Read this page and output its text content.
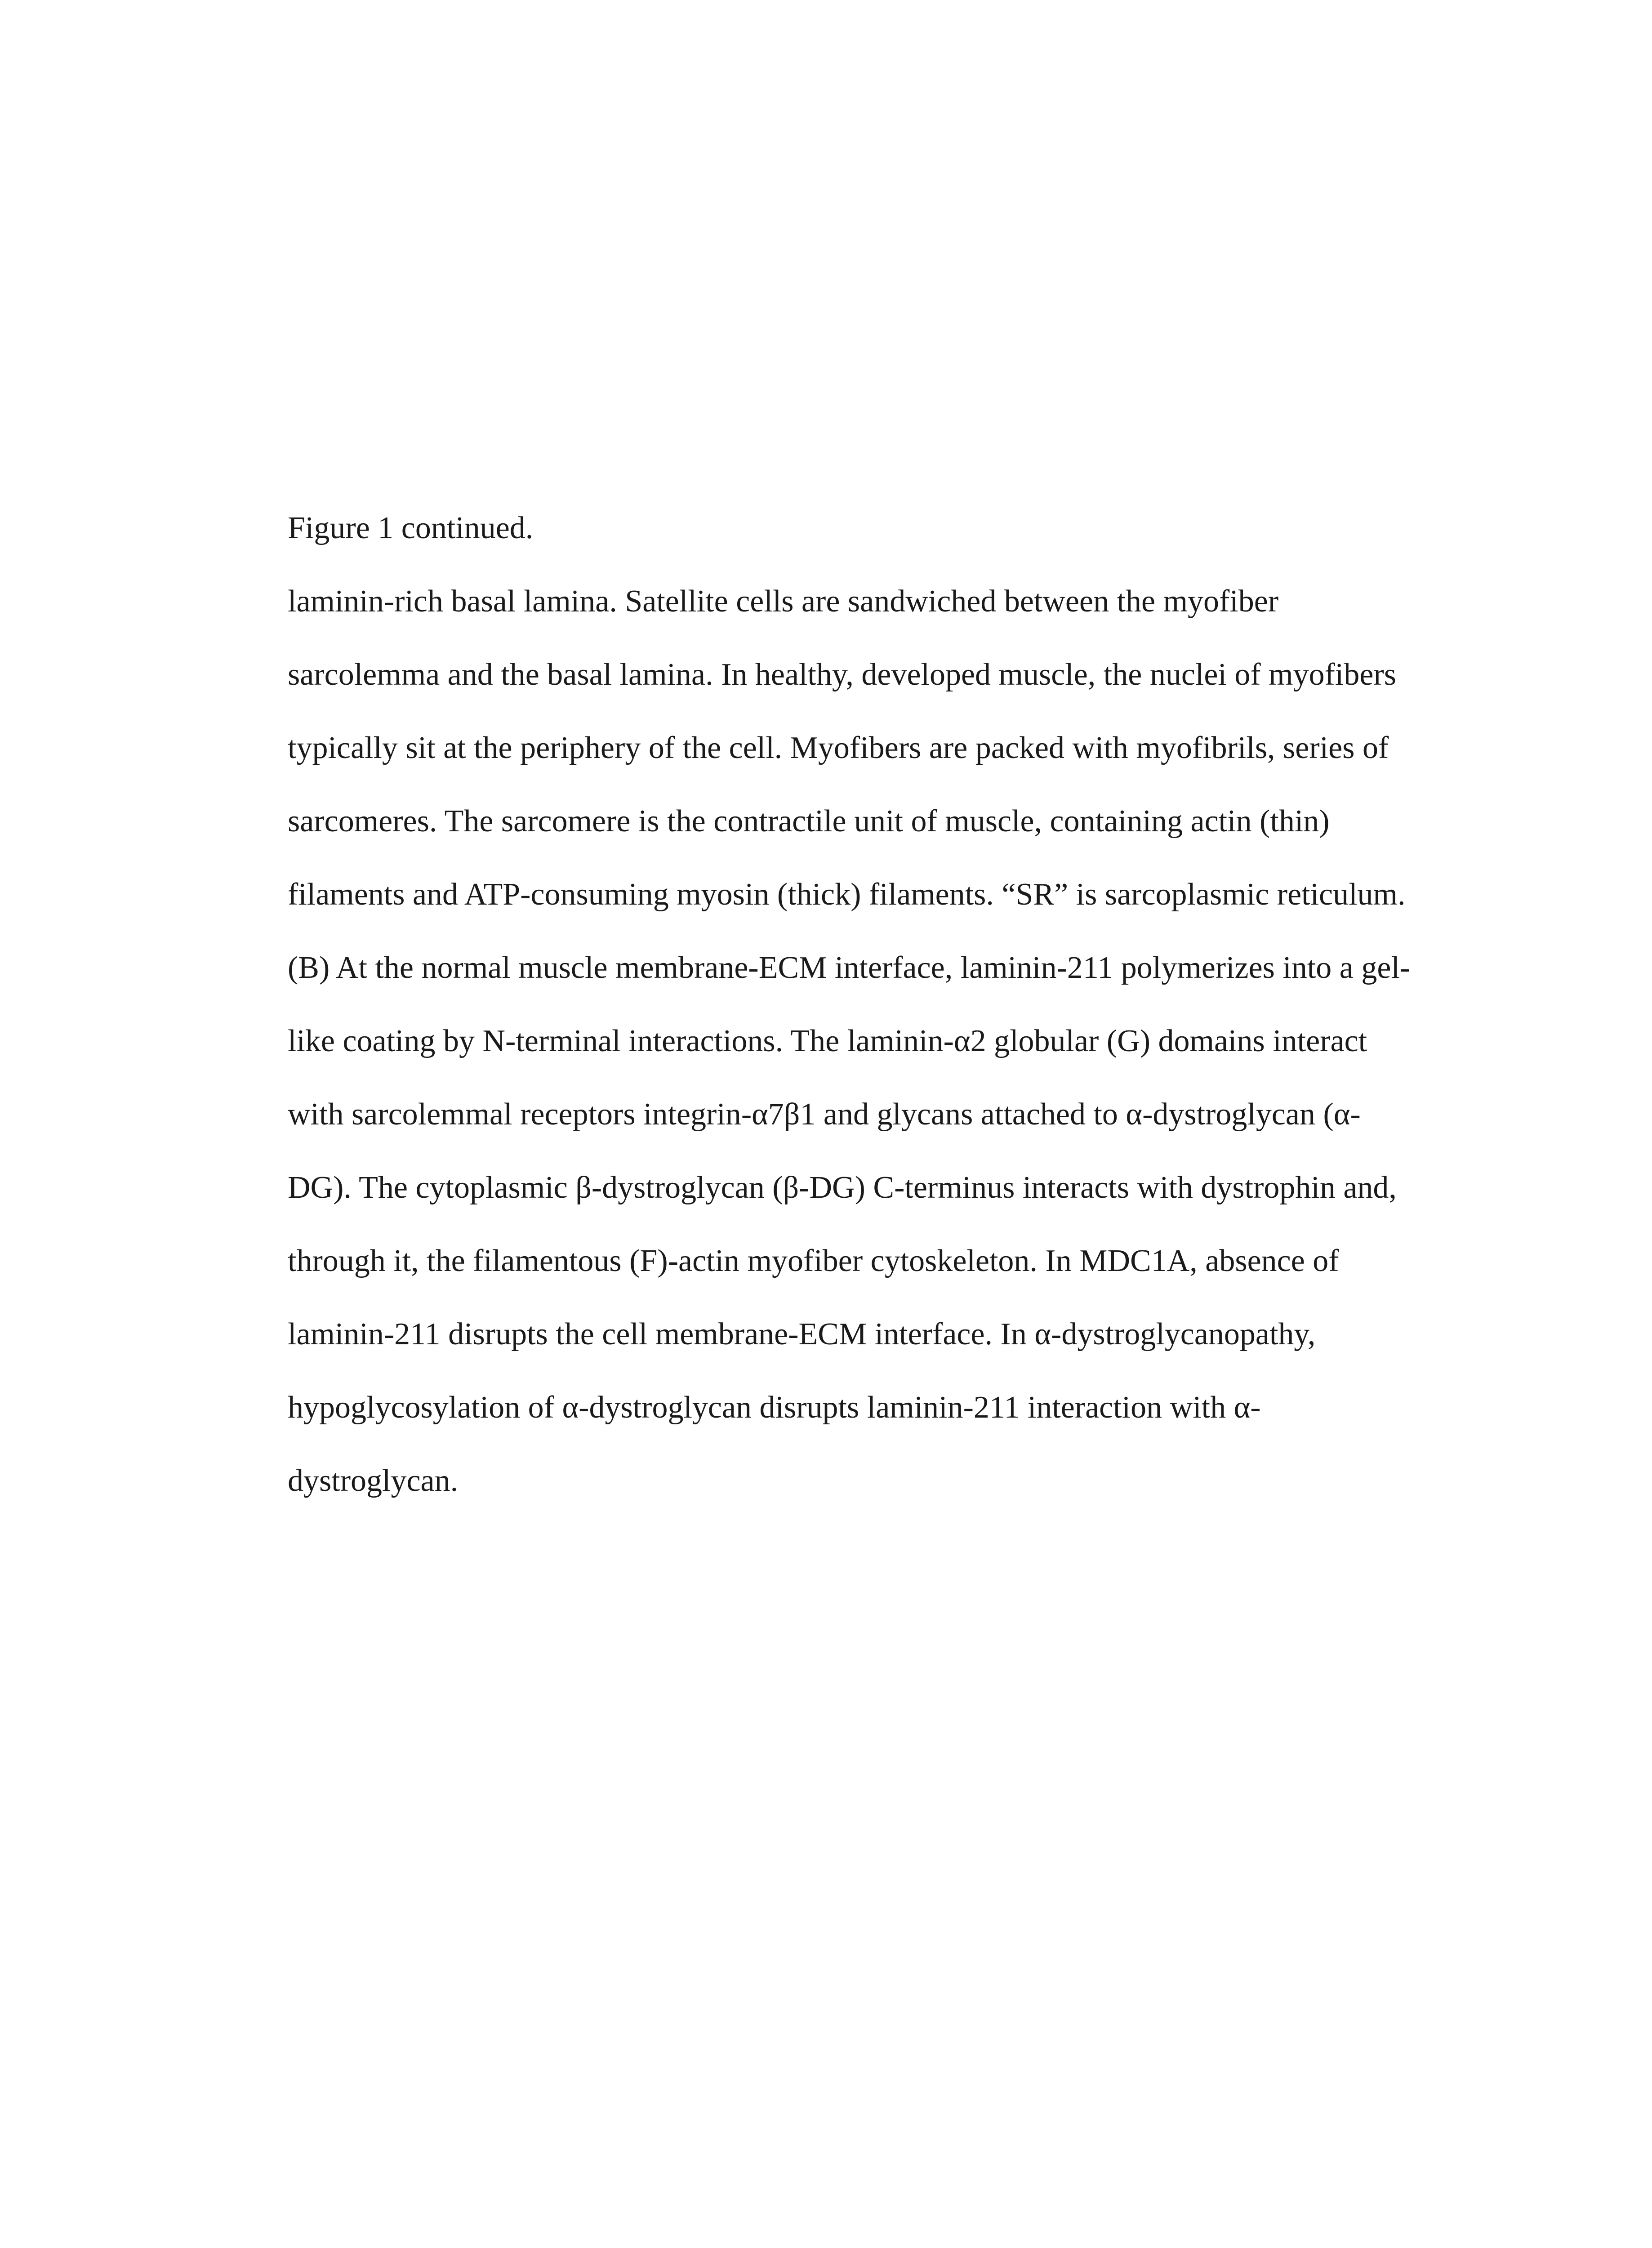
Figure 1 continued.

laminin-rich basal lamina. Satellite cells are sandwiched between the myofiber

sarcolemma and the basal lamina. In healthy, developed muscle, the nuclei of myofibers

typically sit at the periphery of the cell. Myofibers are packed with myofibrils, series of

sarcomeres. The sarcomere is the contractile unit of muscle, containing actin (thin)

filaments and ATP-consuming myosin (thick) filaments. “SR” is sarcoplasmic reticulum.

(B) At the normal muscle membrane-ECM interface, laminin-211 polymerizes into a gel-

like coating by N-terminal interactions. The laminin-α2 globular (G) domains interact

with sarcolemmal receptors integrin-α7β1 and glycans attached to α-dystroglycan (α-

DG). The cytoplasmic β-dystroglycan (β-DG) C-terminus interacts with dystrophin and,

through it, the filamentous (F)-actin myofiber cytoskeleton. In MDC1A, absence of

laminin-211 disrupts the cell membrane-ECM interface. In α-dystroglycanopathy,

hypoglycosylation of α-dystroglycan disrupts laminin-211 interaction with α-

dystroglycan.
